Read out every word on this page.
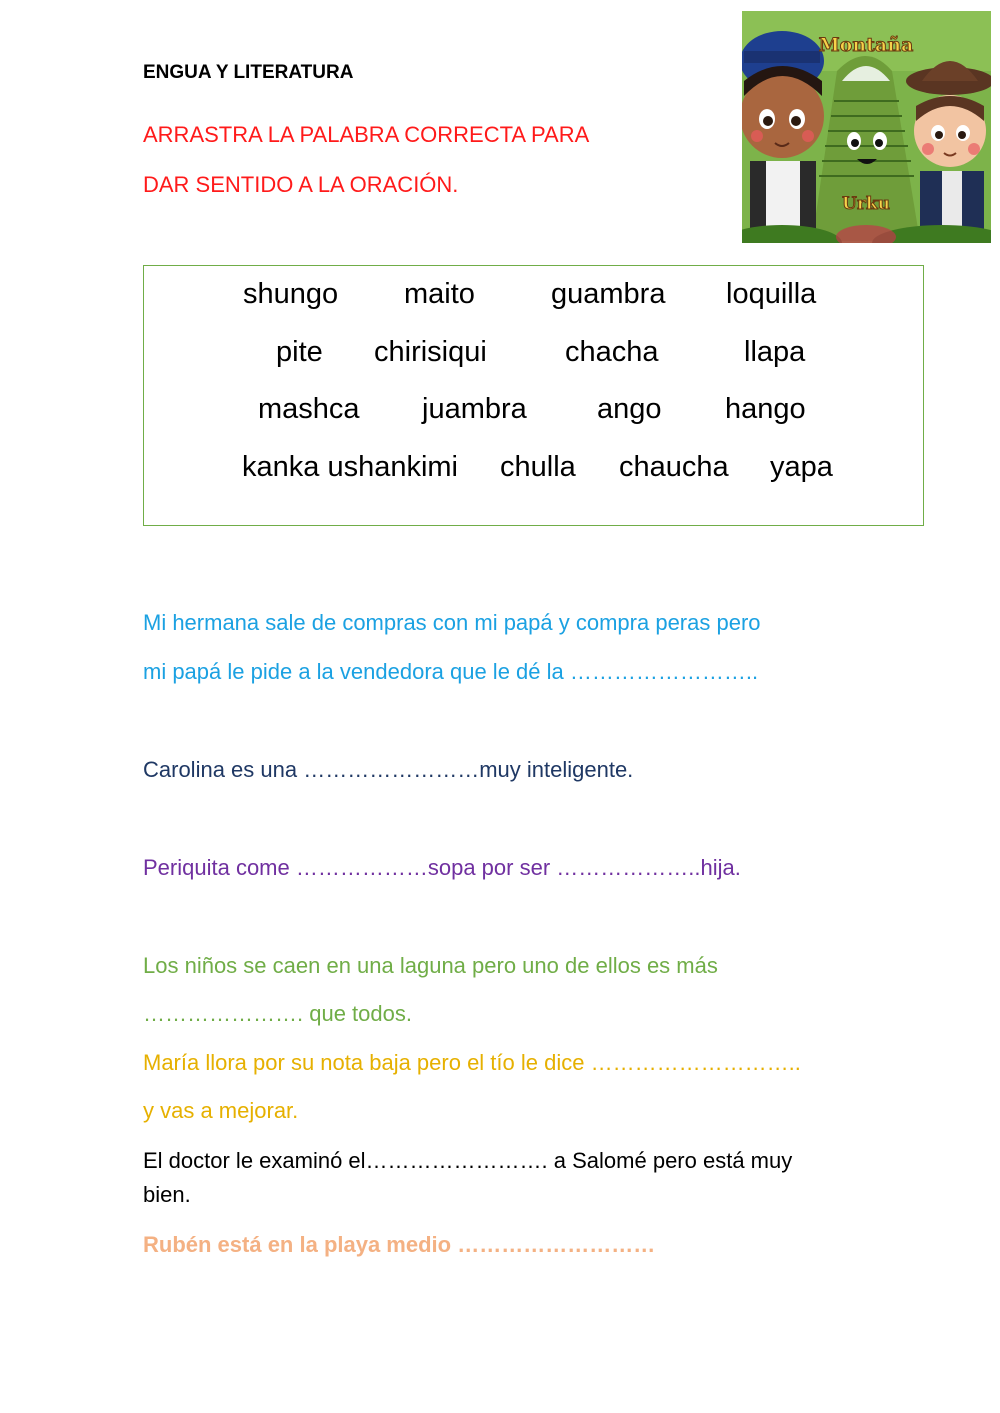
ENGUA Y LITERATURA
ARRASTRA LA PALABRA CORRECTA PARA
DAR SENTIDO A LA ORACIÓN.
Montaña
Urku
shungo maito	guambra loquilla
pite chirisiqui	chacha	llapa
mashca juambra ango hango
kanka ushankimi chulla chaucha yapa
Mi hermana sale de compras con mi papá y compra peras pero
mi papá le pide a la vendedora que le dé la ……………………..
Carolina es una ……………………muy inteligente.
Periquita come ………………sopa por ser ………………..hija.
Los niños se caen en una laguna pero uno de ellos es más
…………………. que todos.
María llora por su nota baja pero el tío le dice ………………………..
y vas a mejorar.
El doctor le examinó el……………………. a Salomé pero está muy
bien.
Rubén está en la playa medio ………………………
